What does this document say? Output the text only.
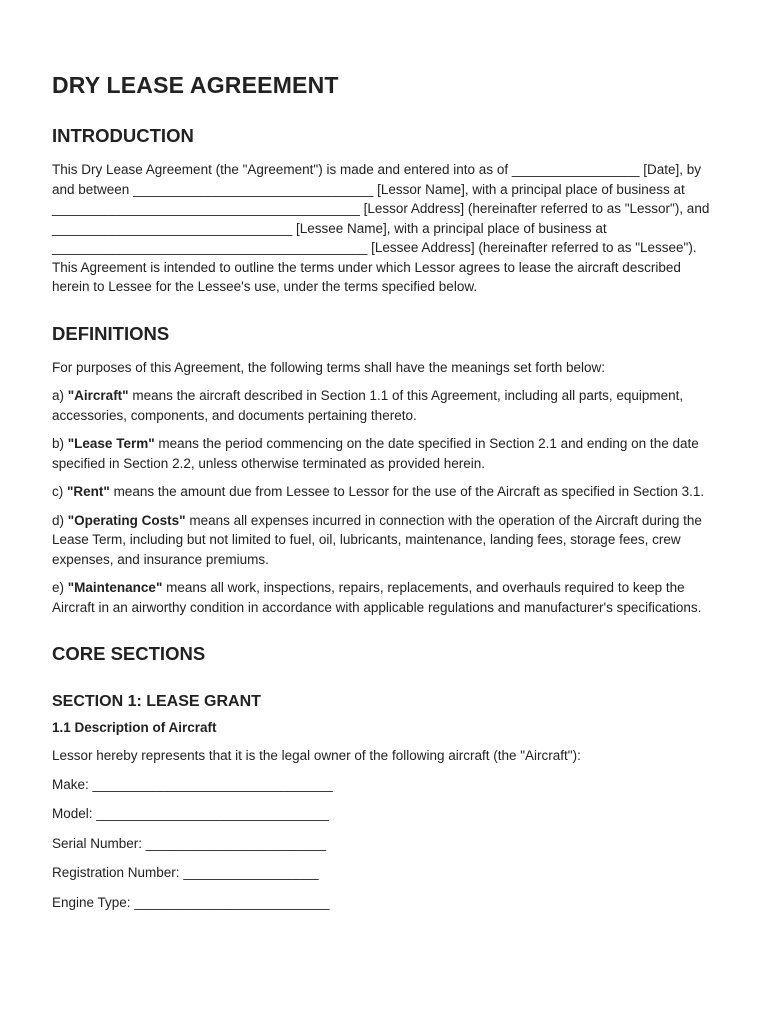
DRY LEASE AGREEMENT
INTRODUCTION

This Dry Lease Agreement (the "Agreement") is made and entered into as of _________________ [Date], by and between ________________________________ [Lessor Name], with a principal place of business at _________________________________________ [Lessor Address] (hereinafter referred to as "Lessor"), and ________________________________ [Lessee Name], with a principal place of business at __________________________________________ [Lessee Address] (hereinafter referred to as "Lessee"). This Agreement is intended to outline the terms under which Lessor agrees to lease the aircraft described herein to Lessee for the Lessee's use, under the terms specified below.

DEFINITIONS

For purposes of this Agreement, the following terms shall have the meanings set forth below:

a) "Aircraft" means the aircraft described in Section 1.1 of this Agreement, including all parts, equipment, accessories, components, and documents pertaining thereto.

b) "Lease Term" means the period commencing on the date specified in Section 2.1 and ending on the date specified in Section 2.2, unless otherwise terminated as provided herein.

c) "Rent" means the amount due from Lessee to Lessor for the use of the Aircraft as specified in Section 3.1.

d) "Operating Costs" means all expenses incurred in connection with the operation of the Aircraft during the Lease Term, including but not limited to fuel, oil, lubricants, maintenance, landing fees, storage fees, crew expenses, and insurance premiums.

e) "Maintenance" means all work, inspections, repairs, replacements, and overhauls required to keep the Aircraft in an airworthy condition in accordance with applicable regulations and manufacturer's specifications.

CORE SECTIONS
SECTION 1: LEASE GRANT
1.1 Description of Aircraft

Lessor hereby represents that it is the legal owner of the following aircraft (the "Aircraft"):

Make: ________________________________
Model: _______________________________
Serial Number: ________________________
Registration Number: __________________
Engine Type: __________________________
